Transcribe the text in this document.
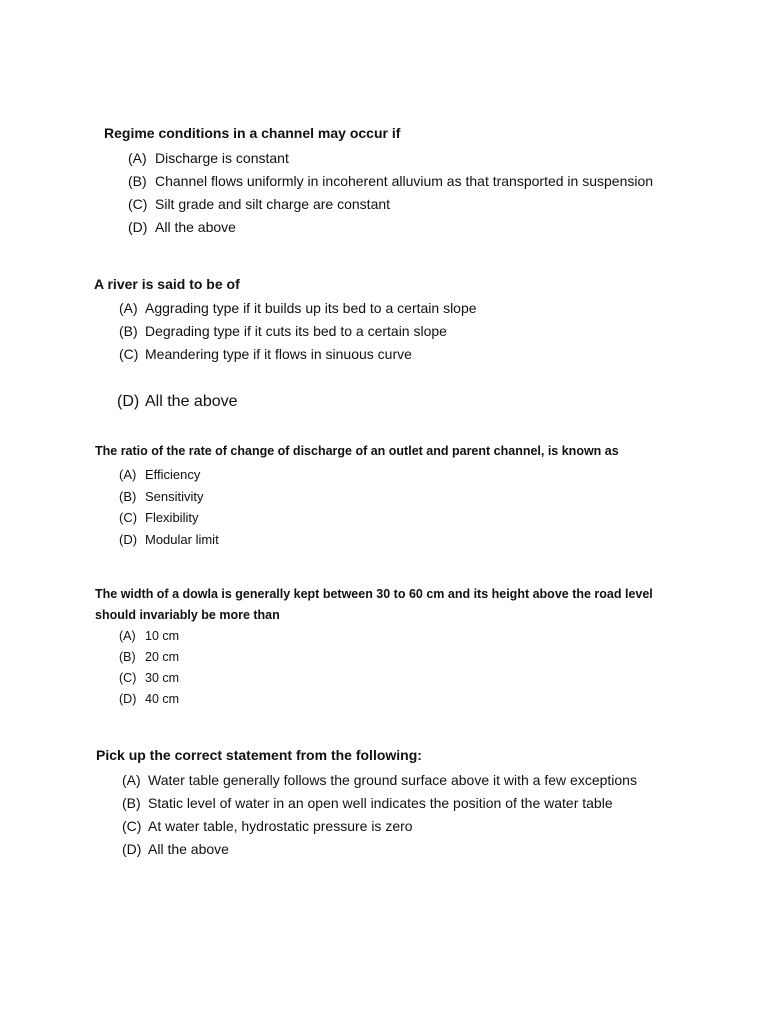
Regime conditions in a channel may occur if
(A) Discharge is constant
(B) Channel flows uniformly in incoherent alluvium as that transported in suspension
(C) Silt grade and silt charge are constant
(D) All the above
A river is said to be of
(A) Aggrading type if it builds up its bed to a certain slope
(B) Degrading type if it cuts its bed to a certain slope
(C) Meandering type if it flows in sinuous curve
(D) All the above
The ratio of the rate of change of discharge of an outlet and parent channel, is known as
(A) Efficiency
(B) Sensitivity
(C) Flexibility
(D) Modular limit
The width of a dowla is generally kept between 30 to 60 cm and its height above the road level
should invariably be more than
(A) 10 cm
(B) 20 cm
(C) 30 cm
(D) 40 cm
Pick up the correct statement from the following:
(A) Water table generally follows the ground surface above it with a few exceptions
(B) Static level of water in an open well indicates the position of the water table
(C) At water table, hydrostatic pressure is zero
(D) All the above
